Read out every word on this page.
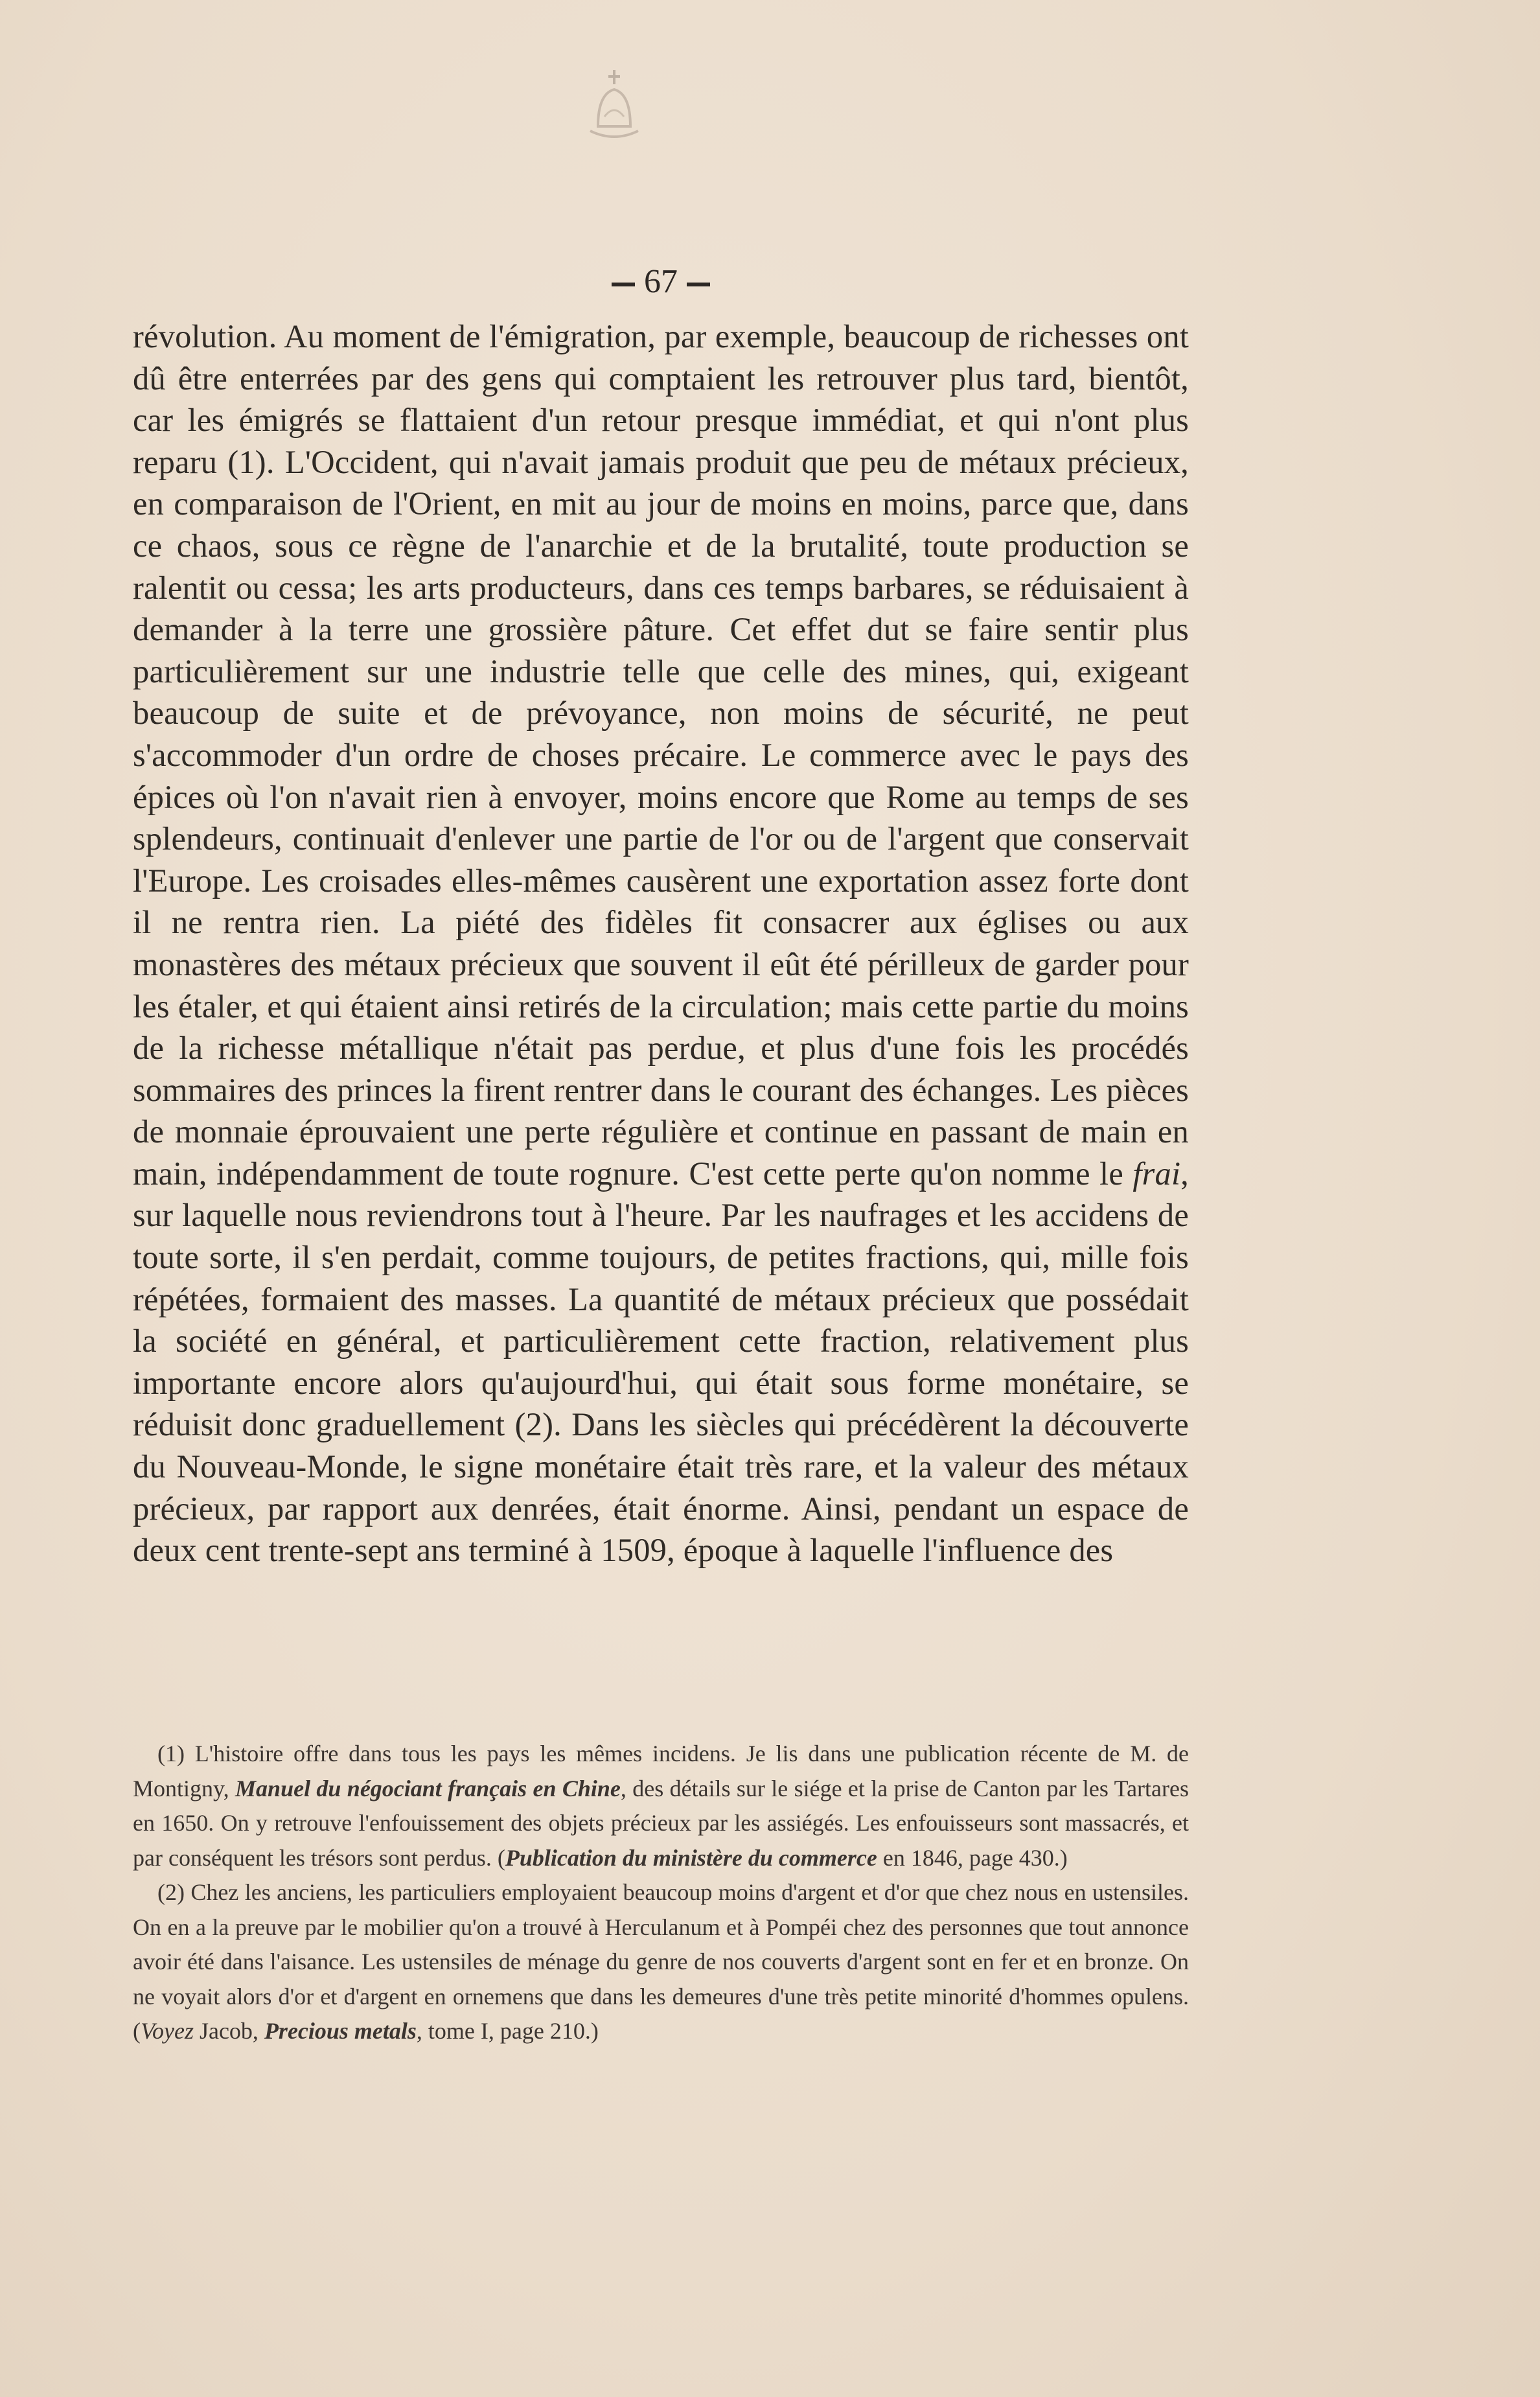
67

révolution. Au moment de l'émigration, par exemple, beaucoup de richesses ont dû être enterrées par des gens qui comptaient les retrouver plus tard, bientôt, car les émigrés se flattaient d'un retour presque immédiat, et qui n'ont plus reparu (1). L'Occident, qui n'avait jamais produit que peu de métaux précieux, en comparaison de l'Orient, en mit au jour de moins en moins, parce que, dans ce chaos, sous ce règne de l'anarchie et de la brutalité, toute production se ralentit ou cessa; les arts producteurs, dans ces temps barbares, se réduisaient à demander à la terre une grossière pâture. Cet effet dut se faire sentir plus particulièrement sur une industrie telle que celle des mines, qui, exigeant beaucoup de suite et de prévoyance, non moins de sécurité, ne peut s'accommoder d'un ordre de choses précaire. Le commerce avec le pays des épices où l'on n'avait rien à envoyer, moins encore que Rome au temps de ses splendeurs, continuait d'enlever une partie de l'or ou de l'argent que conservait l'Europe. Les croisades elles-mêmes causèrent une exportation assez forte dont il ne rentra rien. La piété des fidèles fit consacrer aux églises ou aux monastères des métaux précieux que souvent il eût été périlleux de garder pour les étaler, et qui étaient ainsi retirés de la circulation; mais cette partie du moins de la richesse métallique n'était pas perdue, et plus d'une fois les procédés sommaires des princes la firent rentrer dans le courant des échanges. Les pièces de monnaie éprouvaient une perte régulière et continue en passant de main en main, indépendamment de toute rognure. C'est cette perte qu'on nomme le frai, sur laquelle nous reviendrons tout à l'heure. Par les naufrages et les accidens de toute sorte, il s'en perdait, comme toujours, de petites fractions, qui, mille fois répétées, formaient des masses. La quantité de métaux précieux que possédait la société en général, et particulièrement cette fraction, relativement plus importante encore alors qu'aujourd'hui, qui était sous forme monétaire, se réduisit donc graduellement (2). Dans les siècles qui précédèrent la découverte du Nouveau-Monde, le signe monétaire était très rare, et la valeur des métaux précieux, par rapport aux denrées, était énorme. Ainsi, pendant un espace de deux cent trente-sept ans terminé à 1509, époque à laquelle l'influence des

(1) L'histoire offre dans tous les pays les mêmes incidens. Je lis dans une publication récente de M. de Montigny, Manuel du négociant français en Chine, des détails sur le siége et la prise de Canton par les Tartares en 1650. On y retrouve l'enfouissement des objets précieux par les assiégés. Les enfouisseurs sont massacrés, et par conséquent les trésors sont perdus. (Publication du ministère du commerce en 1846, page 430.)

(2) Chez les anciens, les particuliers employaient beaucoup moins d'argent et d'or que chez nous en ustensiles. On en a la preuve par le mobilier qu'on a trouvé à Herculanum et à Pompéi chez des personnes que tout annonce avoir été dans l'aisance. Les ustensiles de ménage du genre de nos couverts d'argent sont en fer et en bronze. On ne voyait alors d'or et d'argent en ornemens que dans les demeures d'une très petite minorité d'hommes opulens. (Voyez Jacob, Precious metals, tome I, page 210.)
